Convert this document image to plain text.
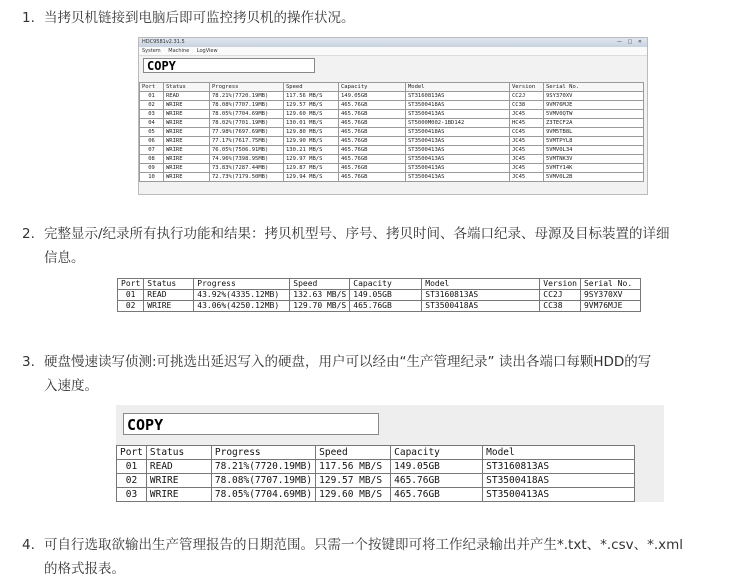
1. 当拷贝机链接到电脑后即可监控拷贝机的操作状况。
HDC9581v2.31.5	— □ ✕
System Machine LogView
COPY
Port	Status	Progress	Speed	Capacity	Model	Version	Serial No.
01	READ	78.21%(7720.19MB)	117.56 MB/S	149.05GB	ST3160813AS	CC2J	9SY370XV
02	WRIRE	78.08%(7707.19MB)	129.57 MB/S	465.76GB	ST3500418AS	CC38	9VM76MJE
03	WRIRE	78.05%(7704.69MB)	129.60 MB/S	465.76GB	ST3500413AS	JC45	5VMV0QTW
04	WRIRE	78.02%(7701.19MB)	130.01 MB/S	465.76GB	ST5000M002-1BD142	HC45	Z3TECF2A
05	WRIRE	77.98%(7697.69MB)	129.80 MB/S	465.76GB	ST3500418AS	CC45	9VM5TB8L
06	WRIRE	77.17%(7617.75MB)	129.90 MB/S	465.76GB	ST3500413AS	JC45	5VMTPYL8
07	WRIRE	76.05%(7506.91MB)	130.21 MB/S	465.76GB	ST3500413AS	JC45	5VMV0L34
08	WRIRE	74.96%(7398.95MB)	129.97 MB/S	465.76GB	ST3500413AS	JC45	5VMTNK3V
09	WRIRE	73.83%(7287.44MB)	129.87 MB/S	465.76GB	ST3500413AS	JC45	5VMTY14K
10	WRIRE	72.73%(7179.50MB)	129.94 MB/S	465.76GB	ST3500413AS	JC45	5VMV0L2B
2. 完整显示/纪录所有执行功能和结果：拷贝机型号、序号、拷贝时间、各端口纪录、母源及目标装置的详细
信息。
Port	Status	Progress	Speed	Capacity	Model	Version	Serial No.
01	READ	43.92%(4335.12MB)	132.63 MB/S	149.05GB	ST3160813AS	CC2J	9SY370XV
02	WRIRE	43.06%(4250.12MB)	129.70 MB/S	465.76GB	ST3500418AS	CC38	9VM76MJE
3. 硬盘慢速读写侦测:可挑选出延迟写入的硬盘，用户可以经由“生产管理纪录” 读出各端口每颗HDD的写
入速度。
COPY
Port	Status	Progress	Speed	Capacity	Model
01	READ	78.21%(7720.19MB)	117.56 MB/S	149.05GB	ST3160813AS
02	WRIRE	78.08%(7707.19MB)	129.57 MB/S	465.76GB	ST3500418AS
03	WRIRE	78.05%(7704.69MB)	129.60 MB/S	465.76GB	ST3500413AS
4. 可自行选取欲输出生产管理报告的日期范围。只需一个按键即可将工作纪录输出并产生*.txt、*.csv、*.xml
的格式报表。
